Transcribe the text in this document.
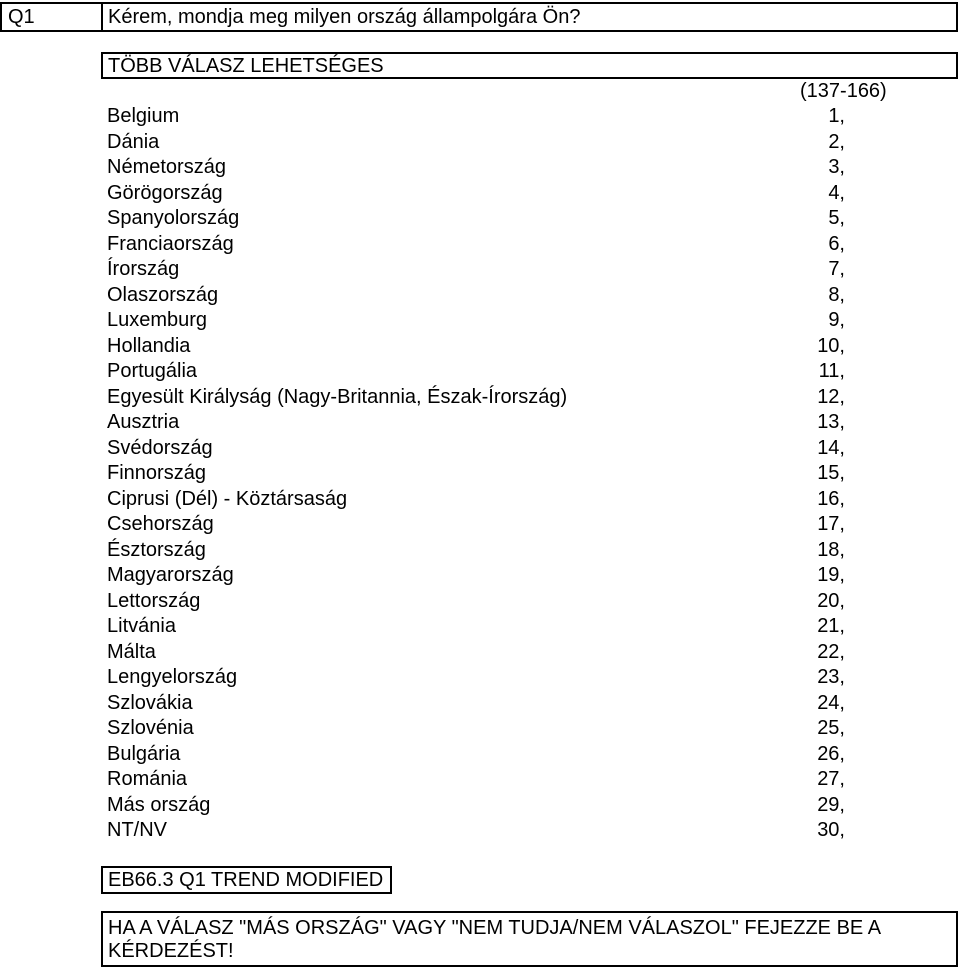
Q1	Kérem, mondja meg milyen ország állampolgára Ön?
TÖBB VÁLASZ LEHETSÉGES
(137-166)
Belgium	1,
Dánia	2,
Németország	3,
Görögország	4,
Spanyolország	5,
Franciaország	6,
Írország	7,
Olaszország	8,
Luxemburg	9,
Hollandia	10,
Portugália	11,
Egyesült Királyság (Nagy-Britannia, Észak-Írország)	12,
Ausztria	13,
Svédország	14,
Finnország	15,
Ciprusi (Dél) - Köztársaság	16,
Csehország	17,
Észtország	18,
Magyarország	19,
Lettország	20,
Litvánia	21,
Málta	22,
Lengyelország	23,
Szlovákia	24,
Szlovénia	25,
Bulgária	26,
Románia	27,
Más ország	29,
NT/NV	30,
EB66.3 Q1 TREND MODIFIED
HA A VÁLASZ "MÁS ORSZÁG" VAGY "NEM TUDJA/NEM VÁLASZOL" FEJEZZE BE A KÉRDEZÉST!
